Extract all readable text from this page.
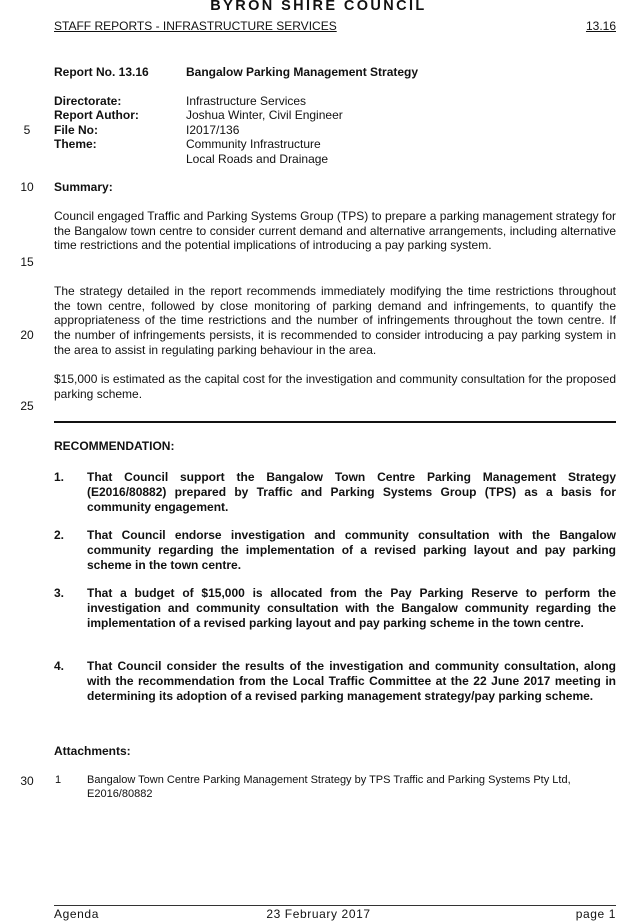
BYRON SHIRE COUNCIL
STAFF REPORTS - INFRASTRUCTURE SERVICES	13.16
Report No. 13.16	Bangalow Parking Management Strategy
Directorate:	Infrastructure Services
Report Author:	Joshua Winter, Civil Engineer
File No:	I2017/136
Theme:	Community Infrastructure
Local Roads and Drainage
5
10
15
20
25
30
Summary:
Council engaged Traffic and Parking Systems Group (TPS) to prepare a parking management strategy for the Bangalow town centre to consider current demand and alternative arrangements, including alternative time restrictions and the potential implications of introducing a pay parking system.
The strategy detailed in the report recommends immediately modifying the time restrictions throughout the town centre, followed by close monitoring of parking demand and infringements, to quantify the appropriateness of the time restrictions and the number of infringements throughout the town centre. If the number of infringements persists, it is recommended to consider introducing a pay parking system in the area to assist in regulating parking behaviour in the area.
$15,000 is estimated as the capital cost for the investigation and community consultation for the proposed parking scheme.
RECOMMENDATION:
1. That Council support the Bangalow Town Centre Parking Management Strategy (E2016/80882) prepared by Traffic and Parking Systems Group (TPS) as a basis for community engagement.
2. That Council endorse investigation and community consultation with the Bangalow community regarding the implementation of a revised parking layout and pay parking scheme in the town centre.
3. That a budget of $15,000 is allocated from the Pay Parking Reserve to perform the investigation and community consultation with the Bangalow community regarding the implementation of a revised parking layout and pay parking scheme in the town centre.
4. That Council consider the results of the investigation and community consultation, along with the recommendation from the Local Traffic Committee at the 22 June 2017 meeting in determining its adoption of a revised parking management strategy/pay parking scheme.
Attachments:
1 Bangalow Town Centre Parking Management Strategy by TPS Traffic and Parking Systems Pty Ltd, E2016/80882
Agenda	23 February 2017	page 1
